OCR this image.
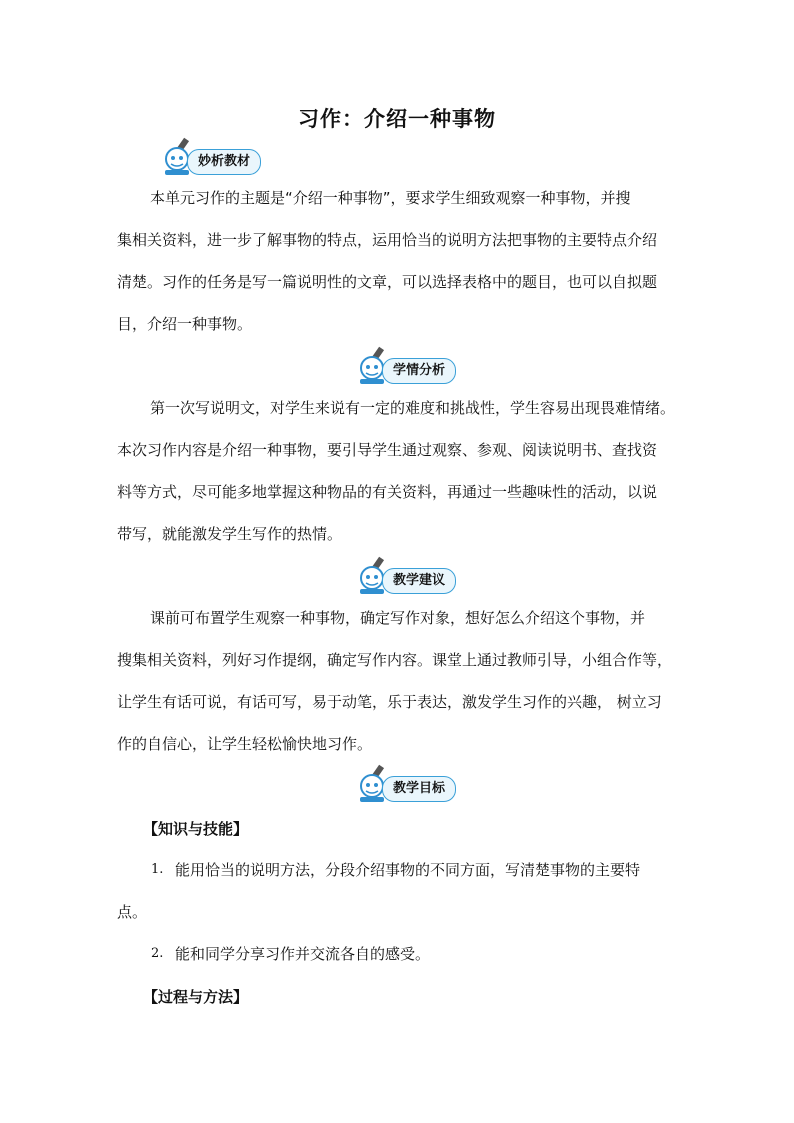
习作：介绍一种事物
妙析教材
本单元习作的主题是“介绍一种事物”，要求学生细致观察一种事物，并搜
集相关资料，进一步了解事物的特点，运用恰当的说明方法把事物的主要特点介绍
清楚。习作的任务是写一篇说明性的文章，可以选择表格中的题目，也可以自拟题
目，介绍一种事物。
学情分析
第一次写说明文，对学生来说有一定的难度和挑战性，学生容易出现畏难情绪。
本次习作内容是介绍一种事物，要引导学生通过观察、参观、阅读说明书、查找资
料等方式，尽可能多地掌握这种物品的有关资料，再通过一些趣味性的活动，以说
带写，就能激发学生写作的热情。
教学建议
课前可布置学生观察一种事物，确定写作对象，想好怎么介绍这个事物，并
搜集相关资料，列好习作提纲，确定写作内容。课堂上通过教师引导，小组合作等，
让学生有话可说，有话可写，易于动笔，乐于表达，激发学生习作的兴趣， 树立习
作的自信心，让学生轻松愉快地习作。
教学目标
【知识与技能】
1. 能用恰当的说明方法，分段介绍事物的不同方面，写清楚事物的主要特
点。
2. 能和同学分享习作并交流各自的感受。
【过程与方法】
